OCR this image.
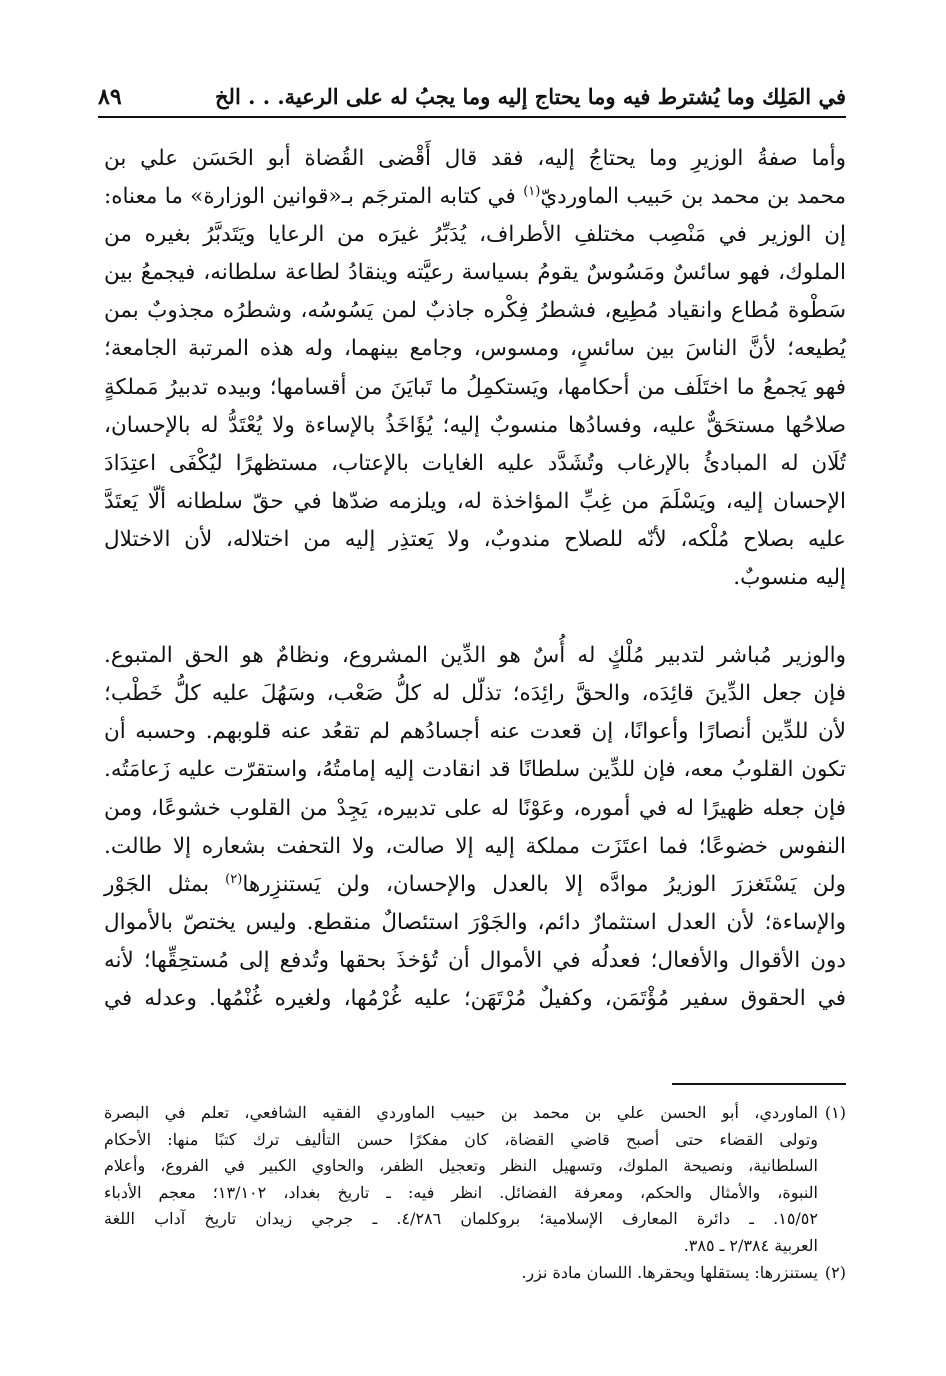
في المَلِك وما يُشترط فيه وما يحتاج إليه وما يجبُ له على الرعية. . . الخ
٨٩
وأما صفةُ الوزيرِ وما يحتاجُ إليه، فقد قال أَقْضى القُضاة أبو الحَسَن علي بن
محمد بن محمد بن حَبيب الماورديّ$^{(١)}$ في كتابه المترجَم بـ«قوانين الوزارة» ما معناه:
إن الوزير في مَنْصِب مختلفِ الأطراف، يُدَبِّرُ غيرَه من الرعايا ويَتَدبَّرُ بغيره من
الملوك، فهو سائسٌ ومَسُوسٌ يقومُ بسياسة رعيَّته وينقادُ لطاعة سلطانه، فيجمعُ بين
سَطْوة مُطاع وانقياد مُطِيع، فشطرُ فِكْره جاذبٌ لمن يَسُوسُه، وشطرُه مجذوبٌ بمن
يُطيعه؛ لأنَّ الناسَ بين سائسٍ، ومسوس، وجامع بينهما، وله هذه المرتبة الجامعة؛
فهو يَجمعُ ما اختَلَف من أحكامها، ويَستكمِلُ ما تَبايَنَ من أقسامها؛ وبيده تدبيرُ مَملكةٍ
صلاحُها مستحَقٌّ عليه، وفسادُها منسوبٌ إليه؛ يُؤَاخَذُ بالإساءة ولا يُعْتَدُّ له بالإحسان،
تُلَان له المبادئُ بالإرغاب وتُشَدَّد عليه الغايات بالإعتاب، مستظهرًا ليُكْفَى اعتِدَادَ
الإحسان إليه، ويَسْلَمَ من غِبِّ المؤاخذة له، ويلزمه ضدّها في حقّ سلطانه ألّا يَعتَدَّ
عليه بصلاح مُلْكه، لأنّه للصلاح مندوبٌ، ولا يَعتذِر إليه من اختلاله، لأن الاختلال
إليه منسوبٌ.
والوزير مُباشر لتدبير مُلْكٍ له أُسٌ هو الدِّين المشروع، ونظامٌ هو الحق المتبوع.
فإن جعل الدِّينَ قائِدَه، والحقَّ رائِدَه؛ تذلّل له كلُّ صَعْب، وسَهُلَ عليه كلُّ خَطْب؛
لأن للدِّين أنصارًا وأعوانًا، إن قعدت عنه أجسادُهم لم تقعُد عنه قلوبهم. وحسبه أن
تكون القلوبُ معه، فإن للدِّين سلطانًا قد انقادت إليه إمامتُهُ، واستقرّت عليه زَعامَتُه.
فإن جعله ظهيرًا له في أموره، وعَوْنًا له على تدبيره، يَجِدْ من القلوب خشوعًا، ومن
النفوس خضوعًا؛ فما اعتَزَت مملكة إليه إلا صالت، ولا التحفت بشعاره إلا طالت.
ولن يَسْتَغزرَ الوزيرُ موادَّه إلا بالعدل والإحسان، ولن يَستنزِرها$^{(٢)}$ بمثل الجَوْر
والإساءة؛ لأن العدل استثمارٌ دائم، والجَوْرَ استئصالٌ منقطع. وليس يختصّ بالأموال
دون الأقوال والأفعال؛ فعدلُه في الأموال أن تُؤخذَ بحقها وتُدفع إلى مُستحِقِّها؛ لأنه
في الحقوق سفير مُؤْتَمَن، وكفيلٌ مُرْتَهَن؛ عليه غُرْمُها، ولغيره غُنْمُها. وعدله في
(١)
الماوردي، أبو الحسن علي بن محمد بن حبيب الماوردي الفقيه الشافعي، تعلم في البصرة
وتولى القضاء حتى أصبح قاضي القضاة، كان مفكرًا حسن التأليف ترك كتبًا منها: الأحكام
السلطانية، ونصيحة الملوك، وتسهيل النظر وتعجيل الظفر، والحاوي الكبير في الفروع، وأعلام
النبوة، والأمثال والحكم، ومعرفة الفضائل. انظر فيه: ـ تاريخ بغداد، ١٣/١٠٢؛ معجم الأدباء
١٥/٥٢. ـ دائرة المعارف الإسلامية؛ بروكلمان ٤/٢٨٦. ـ جرجي زيدان تاريخ آداب اللغة
العربية ٢/٣٨٤ ـ ٣٨٥.
(٢)
يستنزرها: يستقلها ويحقرها. اللسان مادة نزر.
